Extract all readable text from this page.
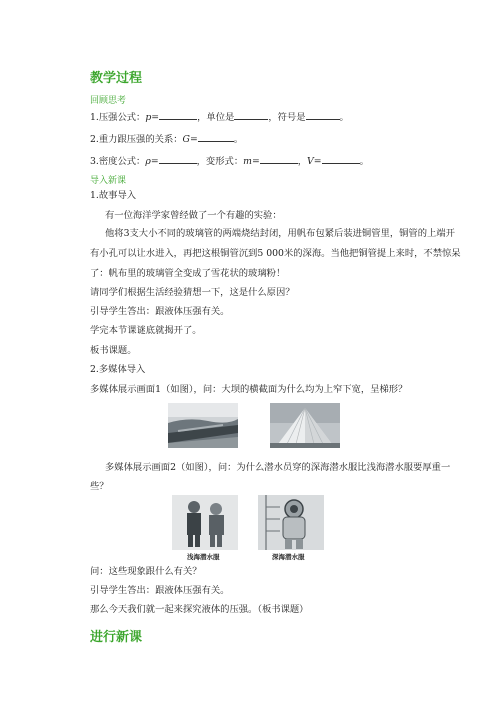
教学过程
回顾思考
1.压强公式：p=	，单位是	，符号是	。
2.重力跟压强的关系：G=	。
3.密度公式：ρ=	，变形式：m=	，V=	。
导入新课
1.故事导入
有一位海洋学家曾经做了一个有趣的实验：
他将3支大小不同的玻璃管的两端烧结封闭，用帆布包紧后装进铜管里，铜管的上端开
有小孔可以让水进入，再把这根铜管沉到5 000米的深海。当他把铜管提上来时，不禁惊呆
了：帆布里的玻璃管全变成了雪花状的玻璃粉！
请同学们根据生活经验猜想一下，这是什么原因？
引导学生答出：跟液体压强有关。
学完本节课谜底就揭开了。
板书课题。
2.多媒体导入
多媒体展示画面1（如图），问：大坝的横截面为什么均为上窄下宽，呈梯形？
多媒体展示画面2（如图），问：为什么潜水员穿的深海潜水服比浅海潜水服要厚重一
些？
浅海潜水服	深海潜水服
问：这些现象跟什么有关？
引导学生答出：跟液体压强有关。
那么今天我们就一起来探究液体的压强。（板书课题）
进行新课
